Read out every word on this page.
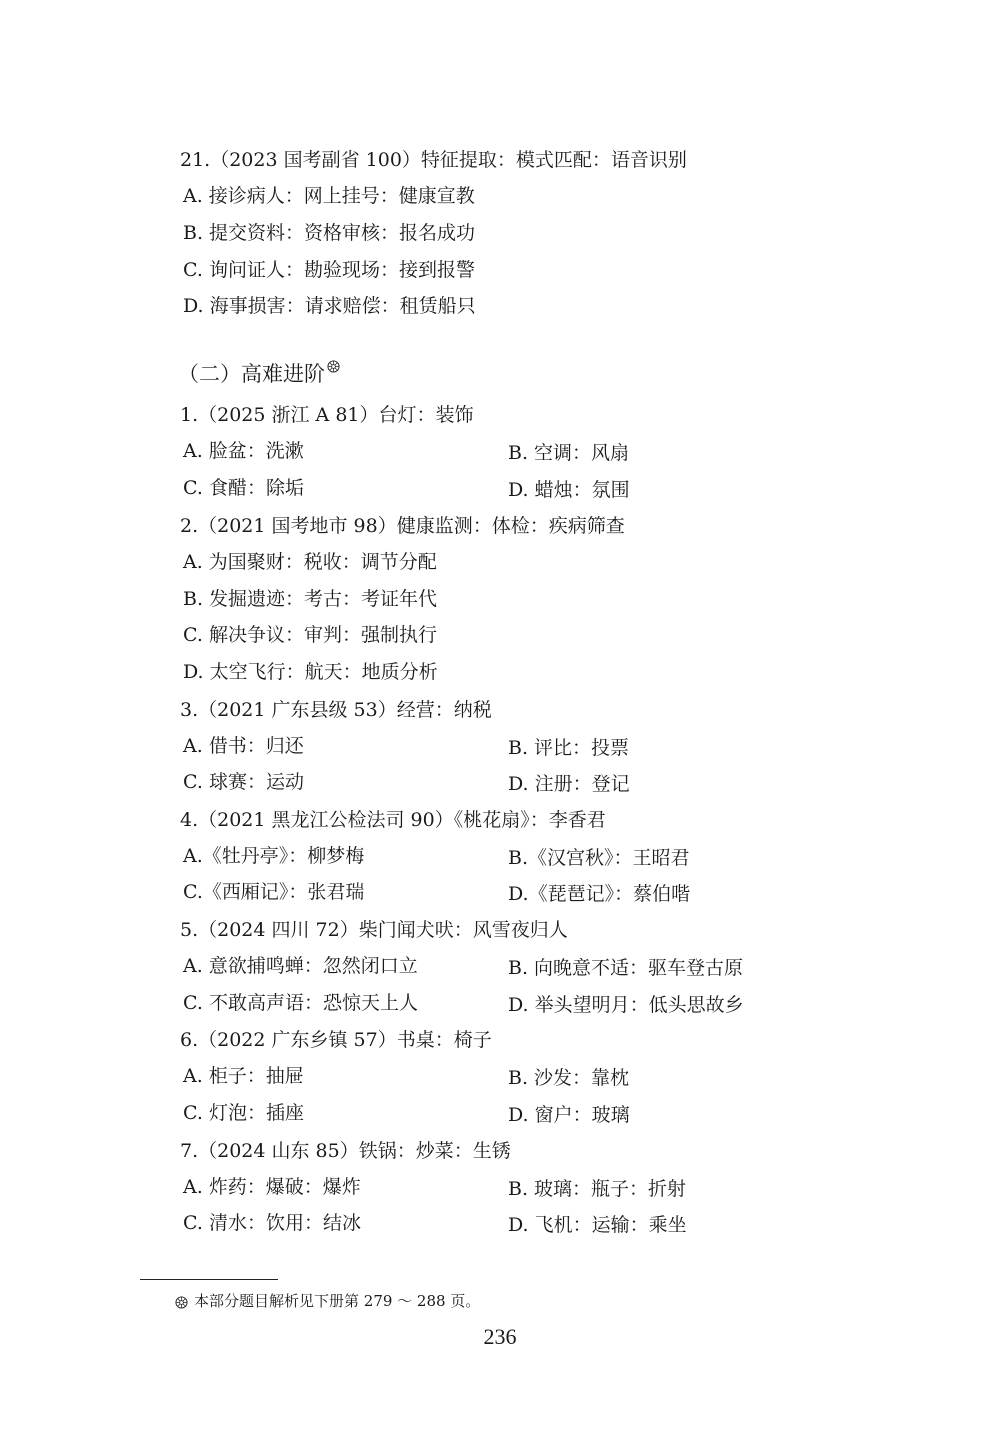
21.（2023 国考副省 100）特征提取：模式匹配：语音识别
A. 接诊病人：网上挂号：健康宣教
B. 提交资料：资格审核：报名成功
C. 询问证人：勘验现场：接到报警
D. 海事损害：请求赔偿：租赁船只
（二）高难进阶
1.（2025 浙江 A 81）台灯：装饰
A. 脸盆：洗漱	B. 空调：风扇
C. 食醋：除垢	D. 蜡烛：氛围
2.（2021 国考地市 98）健康监测：体检：疾病筛查
A. 为国聚财：税收：调节分配
B. 发掘遗迹：考古：考证年代
C. 解决争议：审判：强制执行
D. 太空飞行：航天：地质分析
3.（2021 广东县级 53）经营：纳税
A. 借书：归还	B. 评比：投票
C. 球赛：运动	D. 注册：登记
4.（2021 黑龙江公检法司 90）《桃花扇》：李香君
A.《牡丹亭》：柳梦梅	B.《汉宫秋》：王昭君
C.《西厢记》：张君瑞	D.《琵琶记》：蔡伯喈
5.（2024 四川 72）柴门闻犬吠：风雪夜归人
A. 意欲捕鸣蝉：忽然闭口立	B. 向晚意不适：驱车登古原
C. 不敢高声语：恐惊天上人	D. 举头望明月：低头思故乡
6.（2022 广东乡镇 57）书桌：椅子
A. 柜子：抽屉	B. 沙发：靠枕
C. 灯泡：插座	D. 窗户：玻璃
7.（2024 山东 85）铁锅：炒菜：生锈
A. 炸药：爆破：爆炸	B. 玻璃：瓶子：折射
C. 清水：饮用：结冰	D. 飞机：运输：乘坐
本部分题目解析见下册第 279 ～ 288 页。
236
